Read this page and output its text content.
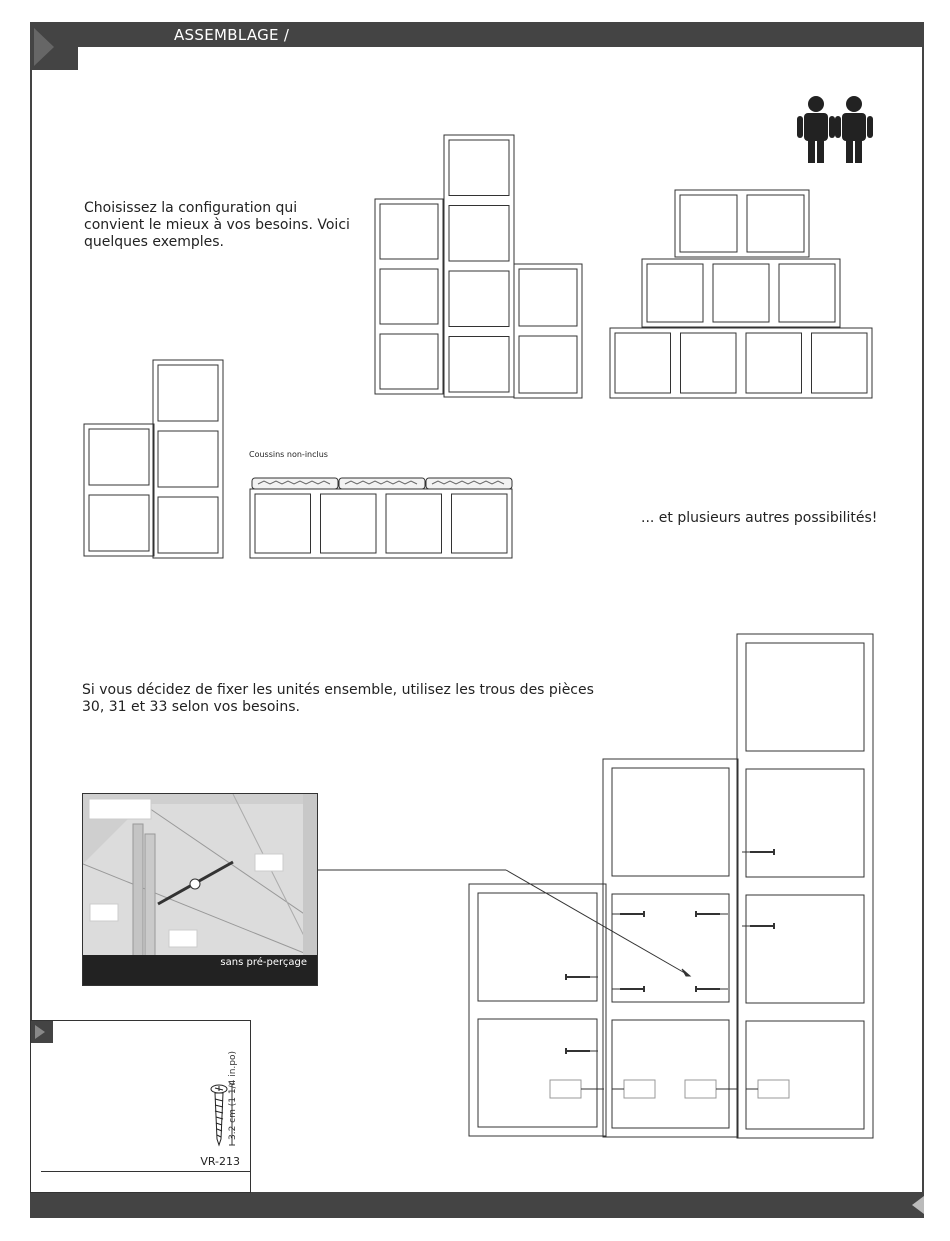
ASSEMBLAGE /
Choisissez la configuration qui
convient le mieux à vos besoins. Voici
quelques exemples.
Coussins non-inclus
... et plusieurs autres possibilités!
Si vous décidez de fixer les unités ensemble, utilisez les trous des pièces
30, 31 et 33 selon vos besoins.
sans pré-perçage
VR-213
3.2 cm (1 1/4 in.po)
